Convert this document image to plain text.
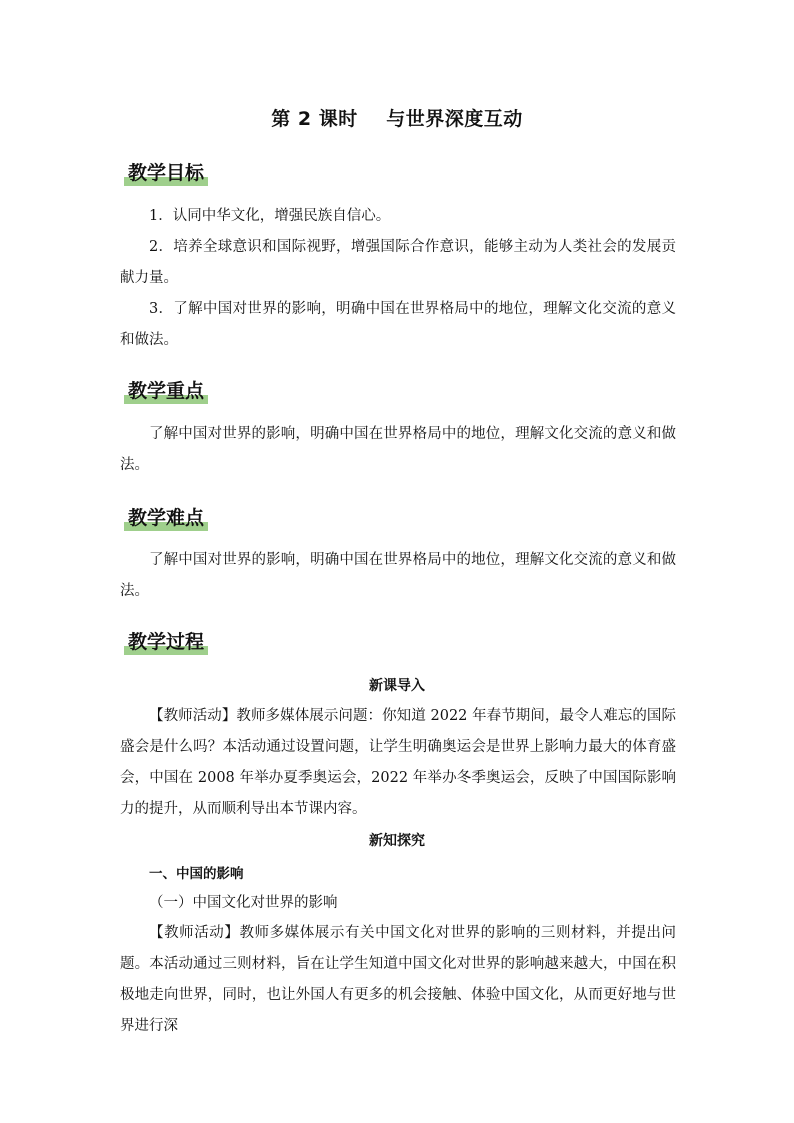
第 2 课时    与世界深度互动
教学目标
1．认同中华文化，增强民族自信心。
2．培养全球意识和国际视野，增强国际合作意识，能够主动为人类社会的发展贡献力量。
3．了解中国对世界的影响，明确中国在世界格局中的地位，理解文化交流的意义和做法。
教学重点
了解中国对世界的影响，明确中国在世界格局中的地位，理解文化交流的意义和做法。
教学难点
了解中国对世界的影响，明确中国在世界格局中的地位，理解文化交流的意义和做法。
教学过程
新课导入
【教师活动】教师多媒体展示问题：你知道 2022 年春节期间，最令人难忘的国际盛会是什么吗？本活动通过设置问题，让学生明确奥运会是世界上影响力最大的体育盛会，中国在 2008 年举办夏季奥运会，2022 年举办冬季奥运会，反映了中国国际影响力的提升，从而顺利导出本节课内容。
新知探究
一、中国的影响
（一）中国文化对世界的影响
【教师活动】教师多媒体展示有关中国文化对世界的影响的三则材料，并提出问题。本活动通过三则材料，旨在让学生知道中国文化对世界的影响越来越大，中国在积极地走向世界，同时，也让外国人有更多的机会接触、体验中国文化，从而更好地与世界进行深
